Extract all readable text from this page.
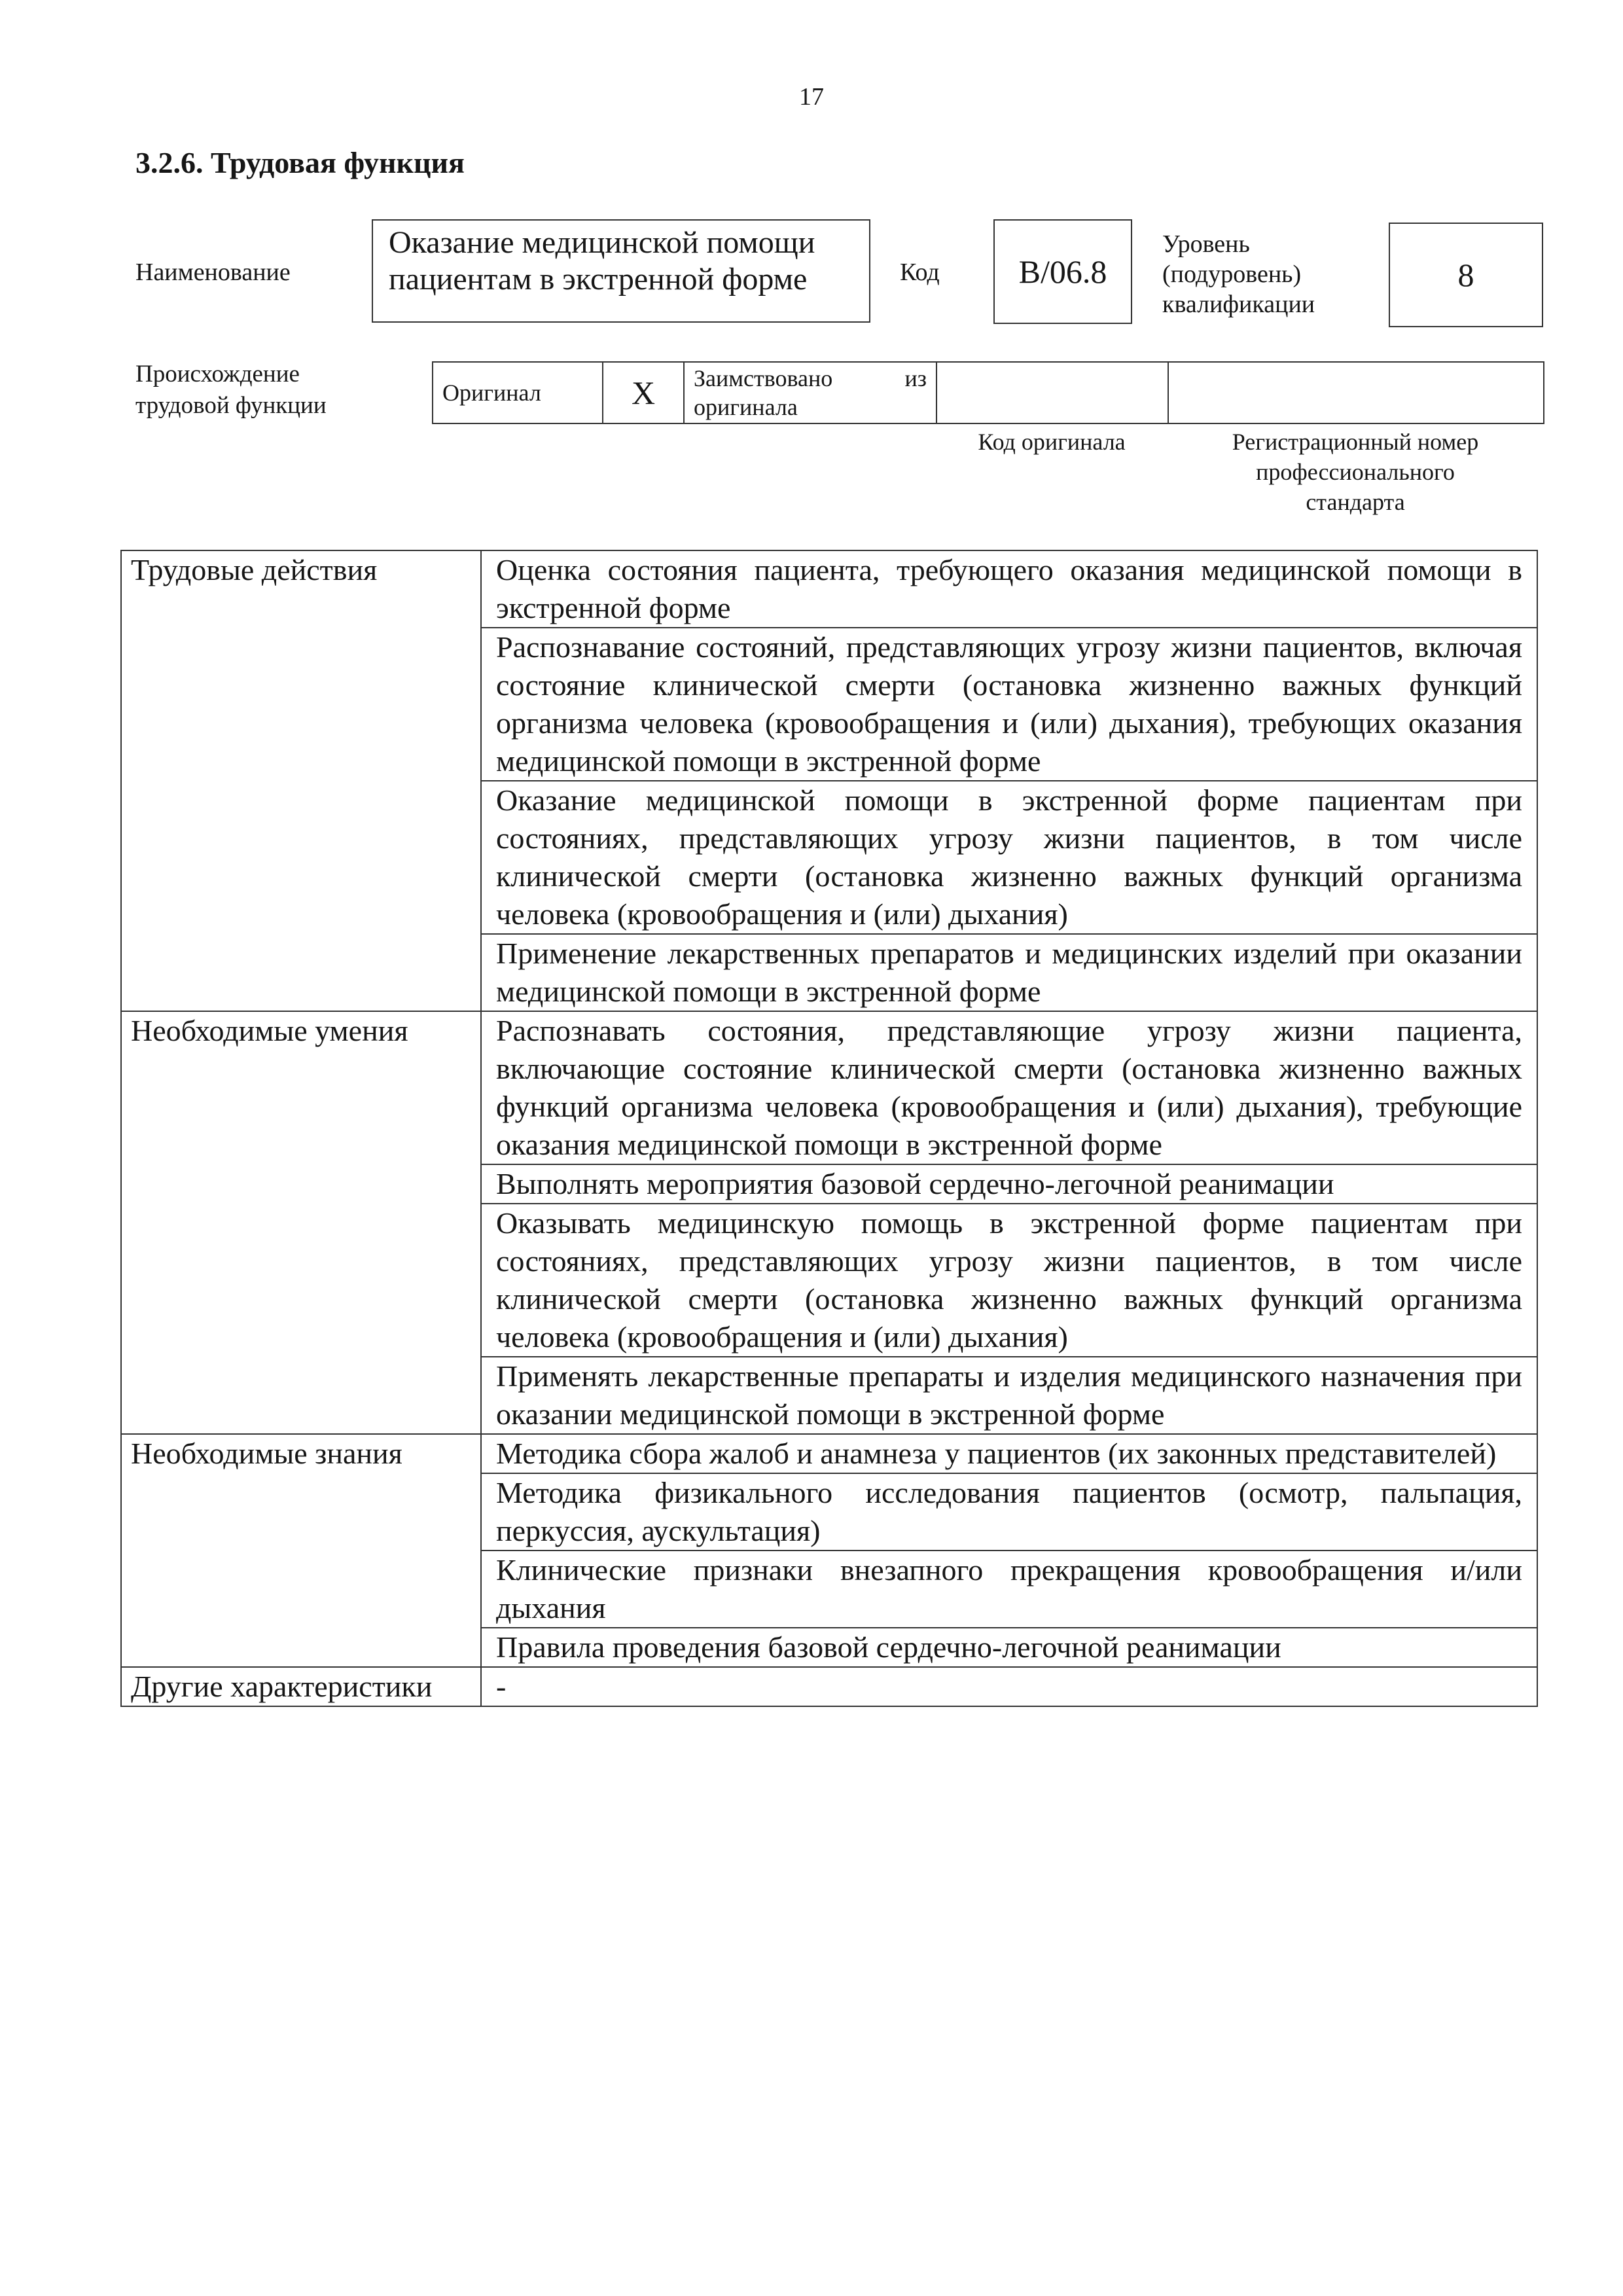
17
3.2.6. Трудовая функция
Наименование
Оказание медицинской помощи пациентам в экстренной форме	Код B/06.8
Уровень
(подуровень)
квалификации
8
Происхождение
трудовой функции	Оригинал	X	Заимствовано	из
оригинала

Код оригинала	Регистрационный номер
профессионального
стандарта
Трудовые действия	Оценка состояния пациента, требующего оказания медицинской помощи в экстренной форме
	Распознавание состояний, представляющих угрозу жизни пациентов, включая состояние клинической смерти (остановка жизненно важных функций организма человека (кровообращения и (или) дыхания), требующих оказания медицинской помощи в экстренной форме
	Оказание медицинской помощи в экстренной форме пациентам при состояниях, представляющих угрозу жизни пациентов, в том числе клинической смерти (остановка жизненно важных функций организма человека (кровообращения и (или) дыхания)
	Применение лекарственных препаратов и медицинских изделий при оказании медицинской помощи в экстренной форме
Необходимые умения	Распознавать состояния, представляющие угрозу жизни пациента, включающие состояние клинической смерти (остановка жизненно важных функций организма человека (кровообращения и (или) дыхания), требующие оказания медицинской помощи в экстренной форме
	Выполнять мероприятия базовой сердечно-легочной реанимации
	Оказывать медицинскую помощь в экстренной форме пациентам при состояниях, представляющих угрозу жизни пациентов, в том числе клинической смерти (остановка жизненно важных функций организма человека (кровообращения и (или) дыхания)
	Применять лекарственные препараты и изделия медицинского назначения при оказании медицинской помощи в экстренной форме
Необходимые знания	Методика сбора жалоб и анамнеза у пациентов (их законных представителей)
	Методика физикального исследования пациентов (осмотр, пальпация, перкуссия, аускультация)
	Клинические признаки внезапного прекращения кровообращения и/или дыхания
	Правила проведения базовой сердечно-легочной реанимации
Другие характеристики	-
